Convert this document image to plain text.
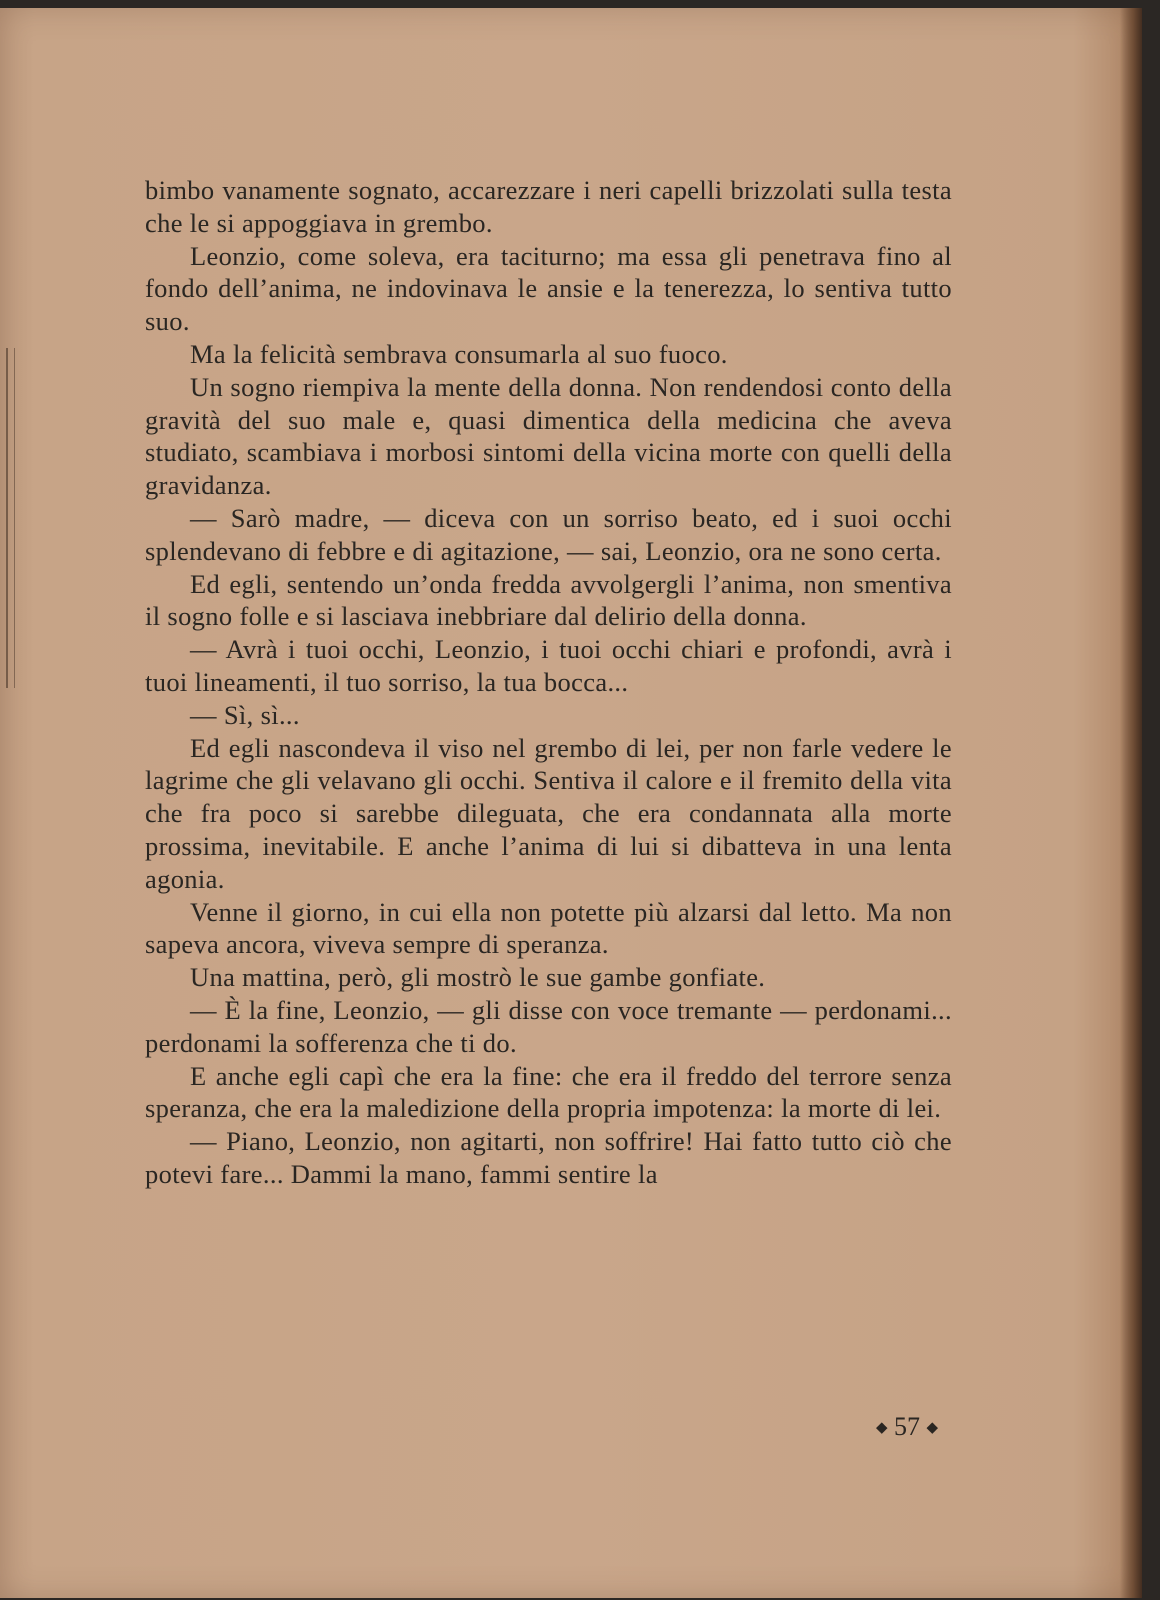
bimbo vanamente sognato, accarezzare i neri capelli brizzolati sulla testa che le si appoggiava in grembo.

Leonzio, come soleva, era taciturno; ma essa gli penetrava fino al fondo dell’anima, ne indovinava le ansie e la tenerezza, lo sentiva tutto suo.

Ma la felicità sembrava consumarla al suo fuoco.

Un sogno riempiva la mente della donna. Non rendendosi conto della gravità del suo male e, quasi dimentica della medicina che aveva studiato, scambiava i morbosi sintomi della vicina morte con quelli della gravidanza.

— Sarò madre, — diceva con un sorriso beato, ed i suoi occhi splendevano di febbre e di agitazione, — sai, Leonzio, ora ne sono certa.

Ed egli, sentendo un’onda fredda avvolgergli l’anima, non smentiva il sogno folle e si lasciava inebbriare dal delirio della donna.

— Avrà i tuoi occhi, Leonzio, i tuoi occhi chiari e profondi, avrà i tuoi lineamenti, il tuo sorriso, la tua bocca...

— Sì, sì...

Ed egli nascondeva il viso nel grembo di lei, per non farle vedere le lagrime che gli velavano gli occhi. Sentiva il calore e il fremito della vita che fra poco si sarebbe dileguata, che era condannata alla morte prossima, inevitabile. E anche l’anima di lui si dibatteva in una lenta agonia.

Venne il giorno, in cui ella non potette più alzarsi dal letto. Ma non sapeva ancora, viveva sempre di speranza.

Una mattina, però, gli mostrò le sue gambe gonfiate.

— È la fine, Leonzio, — gli disse con voce tremante — perdonami... perdonami la sofferenza che ti do.

E anche egli capì che era la fine: che era il freddo del terrore senza speranza, che era la maledizione della propria impotenza: la morte di lei.

— Piano, Leonzio, non agitarti, non soffrire! Hai fatto tutto ciò che potevi fare... Dammi la mano, fammi sentire la

◆ 57 ◆
